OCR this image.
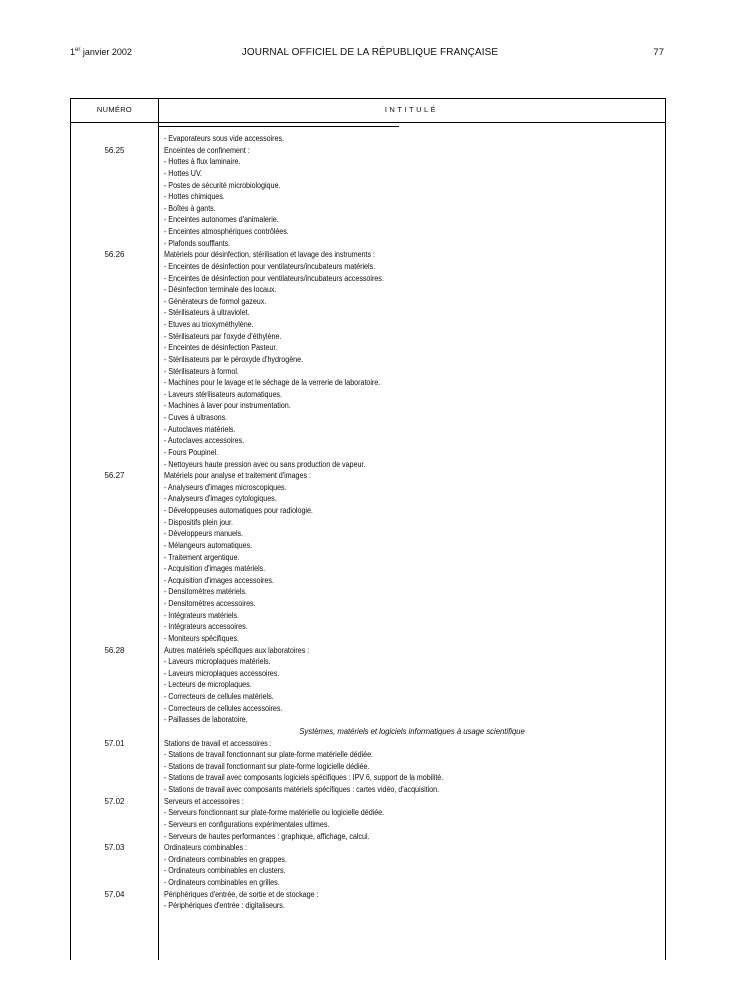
1er janvier 2002	JOURNAL OFFICIEL DE LA RÉPUBLIQUE FRANÇAISE	77
NUMÉRO	INTITULÉ
- Evaporateurs sous vide accessoires.
56.25	Enceintes de confinement :
- Hottes à flux laminaire.
- Hottes UV.
- Postes de sécurité microbiologique.
- Hottes chimiques.
- Boîtes à gants.
- Enceintes autonomes d'animalerie.
- Enceintes atmosphériques contrôlées.
- Plafonds soufflants.
56.26	Matériels pour désinfection, stérilisation et lavage des instruments :
- Enceintes de désinfection pour ventilateurs/incubateurs matériels.
- Enceintes de désinfection pour ventilateurs/incubateurs accessoires.
- Désinfection terminale des locaux.
- Générateurs de formol gazeux.
- Stérilisateurs à ultraviolet.
- Etuves au trioxyméthylène.
- Stérilisateurs par l'oxyde d'éthylène.
- Enceintes de désinfection Pasteur.
- Stérilisateurs par le péroxyde d'hydrogène.
- Stérilisateurs à formol.
- Machines pour le lavage et le séchage de la verrerie de laboratoire.
- Laveurs stérilisateurs automatiques.
- Machines à laver pour instrumentation.
- Cuves à ultrasons.
- Autoclaves matériels.
- Autoclaves accessoires.
- Fours Poupinel.
- Nettoyeurs haute pression avec ou sans production de vapeur.
56.27	Matériels pour analyse et traitement d'images :
- Analyseurs d'images microscopiques.
- Analyseurs d'images cytologiques.
- Développeuses automatiques pour radiologie.
- Dispositifs plein jour.
- Développeurs manuels.
- Mélangeurs automatiques.
- Traitement argentique.
- Acquisition d'images matériels.
- Acquisition d'images accessoires.
- Densitomètres matériels.
- Densitomètres accessoires.
- Intégrateurs matériels.
- Intégrateurs accessoires.
- Moniteurs spécifiques.
56.28	Autres matériels spécifiques aux laboratoires :
- Laveurs microplaques matériels.
- Laveurs microplaques accessoires.
- Lecteurs de microplaques.
- Correcteurs de cellules matériels.
- Correcteurs de cellules accessoires.
- Paillasses de laboratoire.
Systèmes, matériels et logiciels informatiques à usage scientifique
57.01	Stations de travail et accessoires :
- Stations de travail fonctionnant sur plate-forme matérielle dédiée.
- Stations de travail fonctionnant sur plate-forme logicielle dédiée.
- Stations de travail avec composants logiciels spécifiques : IPV 6, support de la mobilité.
- Stations de travail avec composants matériels spécifiques : cartes vidéo, d'acquisition.
57.02	Serveurs et accessoires :
- Serveurs fonctionnant sur plate-forme matérielle ou logicielle dédiée.
- Serveurs en configurations expérimentales ultimes.
- Serveurs de hautes performances : graphique, affichage, calcul.
57.03	Ordinateurs combinables :
- Ordinateurs combinables en grappes.
- Ordinateurs combinables en clusters.
- Ordinateurs combinables en grilles.
57.04	Périphériques d'entrée, de sortie et de stockage :
- Périphériques d'entrée : digitaliseurs.
